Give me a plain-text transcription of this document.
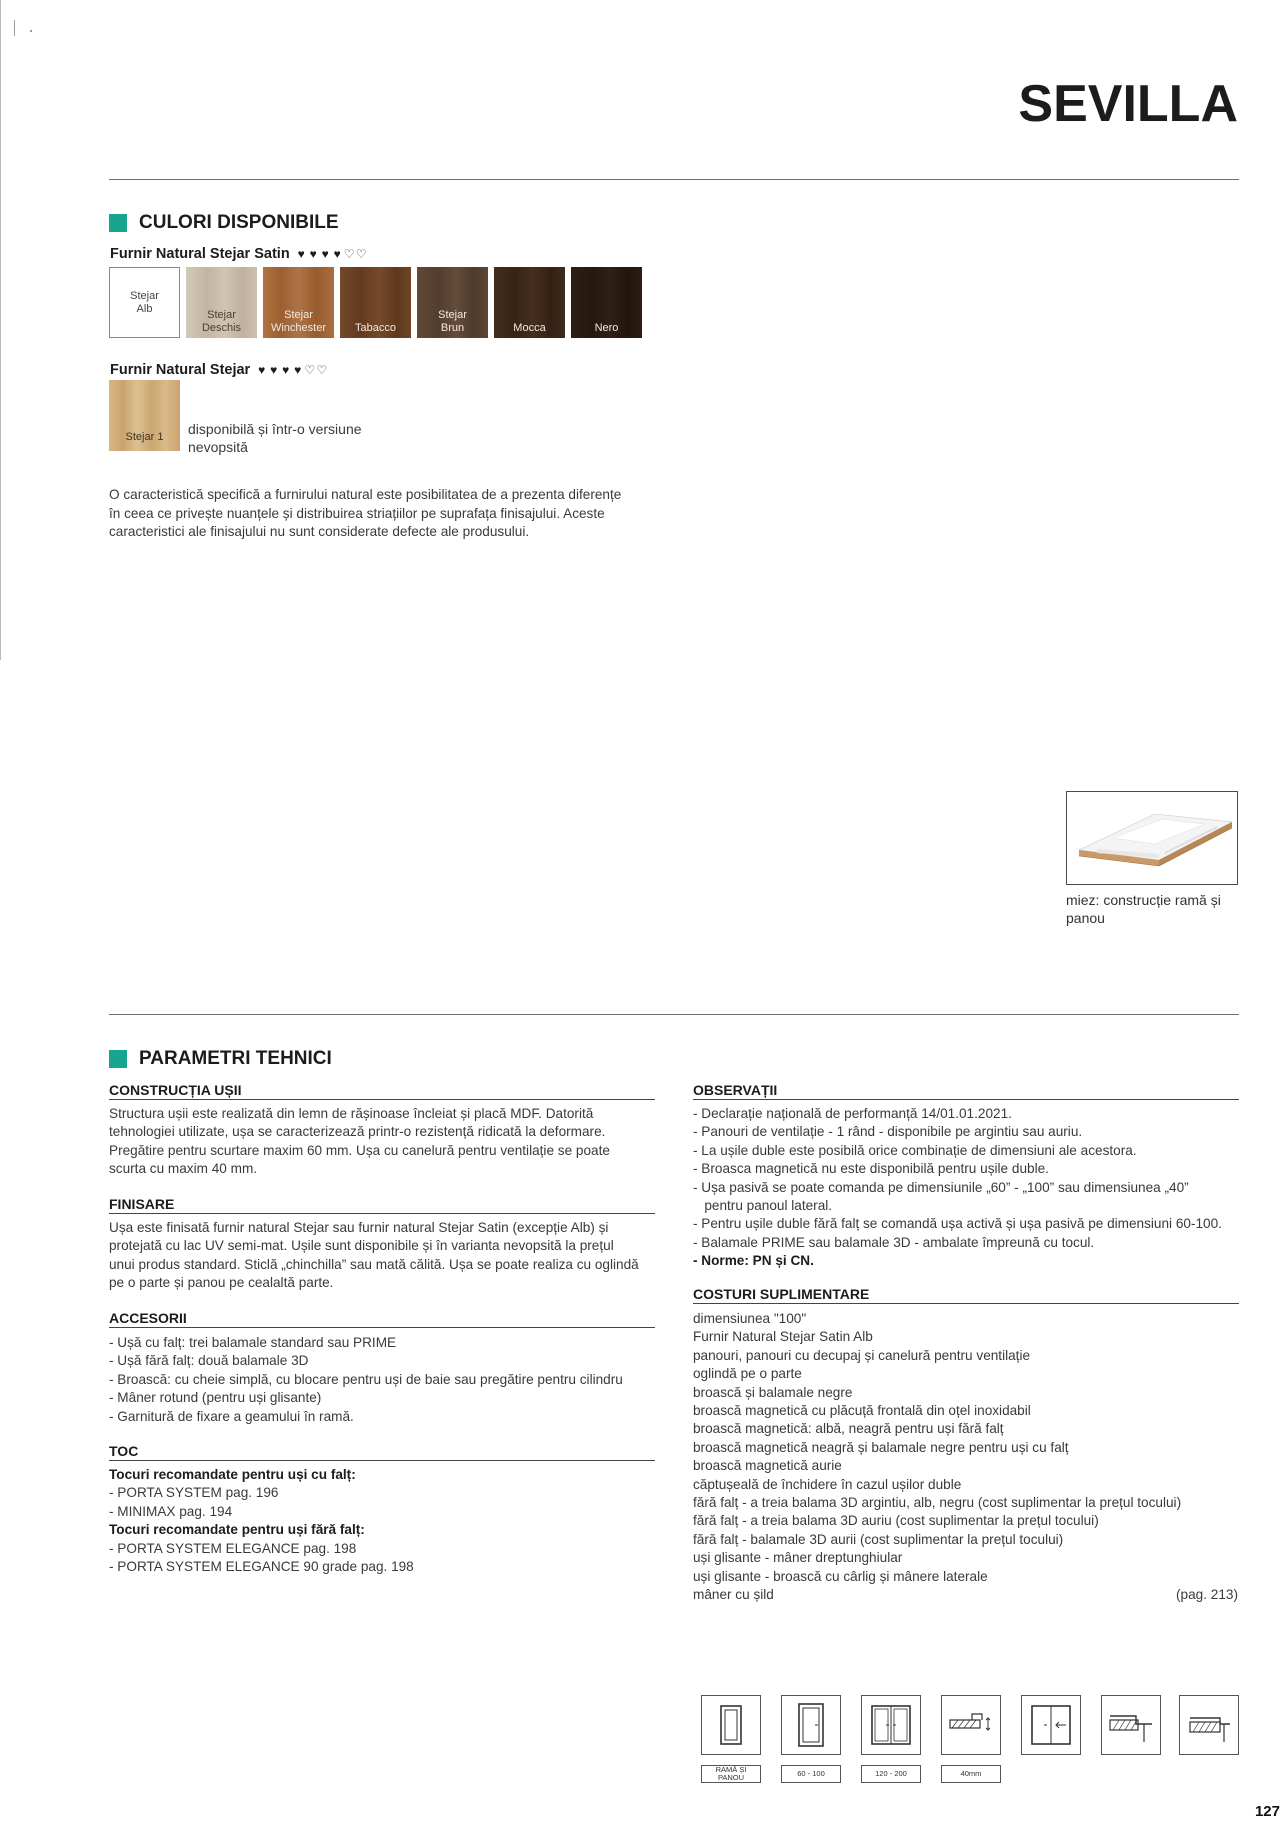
SEVILLA
CULORI DISPONIBILE
Furnir Natural Stejar Satin ♥ ♥ ♥ ♥ ♡ ♡
Stejar
Alb
Stejar
Deschis
Stejar
Winchester	Tabacco
Stejar
Brun	Mocca	Nero
Furnir Natural Stejar ♥ ♥ ♥ ♥ ♡ ♡
Stejar 1	disponibilă și într-o versiune
nevopsită
O caracteristică specifică a furnirului natural este posibilitatea de a prezenta diferențe
în ceea ce privește nuanțele și distribuirea striațiilor pe suprafața finisajului. Aceste
caracteristici ale finisajului nu sunt considerate defecte ale produsului.
miez: construcție ramă și
panou
PARAMETRI TEHNICI
CONSTRUCȚIA UȘII
Structura ușii este realizată din lemn de rășinoase încleiat și placă MDF. Datorită
tehnologiei utilizate, ușa se caracterizează printr-o rezistență ridicată la deformare.
Pregătire pentru scurtare maxim 60 mm. Ușa cu canelură pentru ventilație se poate
scurta cu maxim 40 mm.
FINISARE
Ușa este finisată furnir natural Stejar sau furnir natural Stejar Satin (excepție Alb) și
protejată cu lac UV semi-mat. Ușile sunt disponibile și în varianta nevopsită la prețul
unui produs standard. Sticlă „chinchilla” sau mată călită. Ușa se poate realiza cu oglindă
pe o parte și panou pe cealaltă parte.
ACCESORII
- Ușă cu falț: trei balamale standard sau PRIME
- Ușă fără falț: două balamale 3D
- Broască: cu cheie simplă, cu blocare pentru uși de baie sau pregătire pentru cilindru
- Mâner rotund (pentru uși glisante)
- Garnitură de fixare a geamului în ramă.
TOC
Tocuri recomandate pentru uși cu falț:
- PORTA SYSTEM pag. 196
- MINIMAX pag. 194
Tocuri recomandate pentru uși fără falț:
- PORTA SYSTEM ELEGANCE pag. 198
- PORTA SYSTEM ELEGANCE 90 grade pag. 198
OBSERVAȚII
- Declarație națională de performanță 14/01.01.2021.
- Panouri de ventilație - 1 rând - disponibile pe argintiu sau auriu.
- La ușile duble este posibilă orice combinație de dimensiuni ale acestora.
- Broasca magnetică nu este disponibilă pentru ușile duble.
- Ușa pasivă se poate comanda pe dimensiunile „60” - „100” sau dimensiunea „40”
pentru panoul lateral.
- Pentru ușile duble fără falț se comandă ușa activă și ușa pasivă pe dimensiuni 60-100.
- Balamale PRIME sau balamale 3D - ambalate împreună cu tocul.
- Norme: PN și CN.
COSTURI SUPLIMENTARE
dimensiunea "100"
Furnir Natural Stejar Satin Alb
panouri, panouri cu decupaj și canelură pentru ventilație
oglindă pe o parte
broască și balamale negre
broască magnetică cu plăcuță frontală din oțel inoxidabil
broască magnetică: albă, neagră pentru uși fără falț
broască magnetică neagră și balamale negre pentru uși cu falț
broască magnetică aurie
căptușeală de închidere în cazul ușilor duble
fără falț - a treia balama 3D argintiu, alb, negru (cost suplimentar la prețul tocului)
fără falț - a treia balama 3D auriu (cost suplimentar la prețul tocului)
fără falț - balamale 3D aurii (cost suplimentar la prețul tocului)
uși glisante - mâner dreptunghiular
uși glisante - broască cu cârlig și mânere laterale
mâner cu șild	(pag. 213)
RAMĂ ȘI PANOU	60 - 100	120 - 200	40mm
127
